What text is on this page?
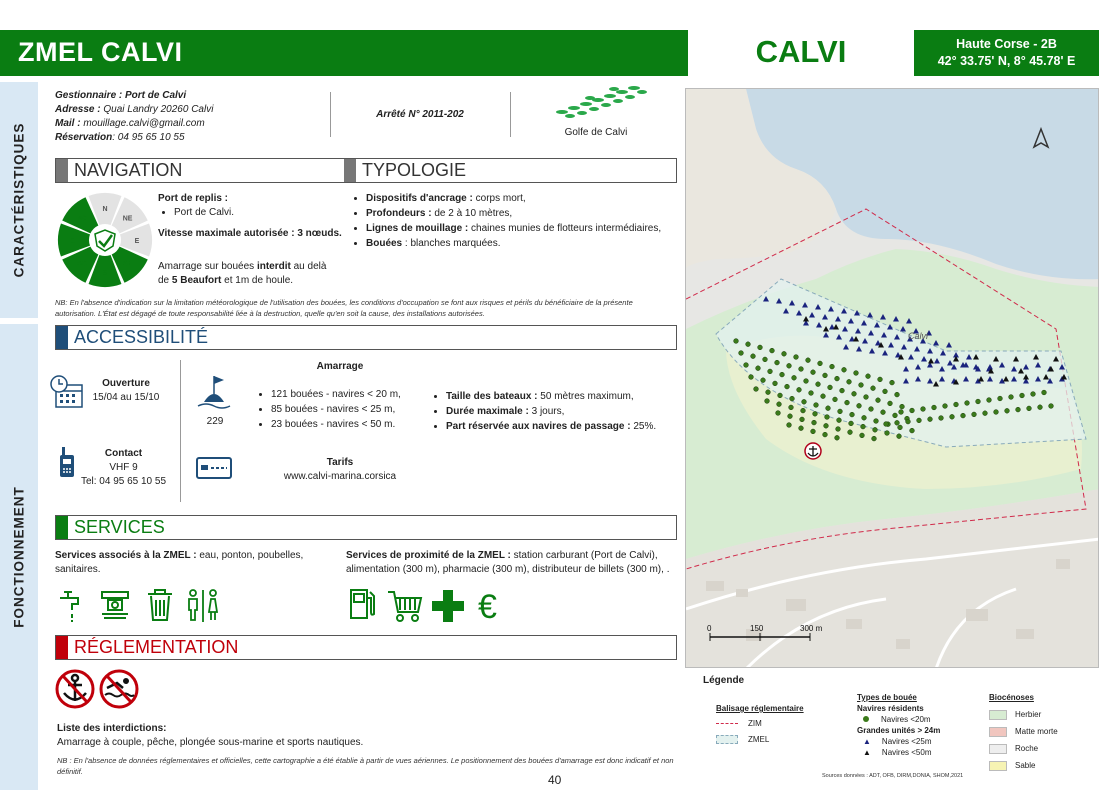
ZMEL CALVI	CALVI	Haute Corse - 2B
42° 33.75' N, 8° 45.78' E
CARACTÉRISTIQUES
FONCTIONNEMENT
Gestionnaire : Port de Calvi
Adresse : Quai Landry 20260 Calvi
Mail : mouillage.calvi@gmail.com
Réservation: 04 95 65 10 55
Arrêté N° 2011-202
Golfe de Calvi
NAVIGATION	TYPOLOGIE
N
NE
E
SE
S
SO
O
NO
Port de replis :
• Port de Calvi.
Vitesse maximale autorisée : 3 nœuds.
Amarrage sur bouées interdit au delà
de 5 Beaufort et 1m de houle.
• Dispositifs d'ancrage : corps mort,
• Profondeurs : de 2 à 10 mètres,
• Lignes de mouillage : chaines munies de flotteurs intermédiaires,
• Bouées : blanches marquées.
NB: En l'absence d'indication sur la limitation météorologique de l'utilisation des bouées, les conditions d'occupation se font aux risques et périls du bénéficiaire de la présente autorisation. L'État est dégagé de toute responsabilité liée à la destruction, quelle qu'en soit la cause, des installations autorisées.
ACCESSIBILITÉ
Ouverture
15/04 au 15/10
Amarrage
229
• 121 bouées - navires < 20 m,
• 85 bouées - navires < 25 m,
• 23 bouées - navires < 50 m.
• Taille des bateaux : 50 mètres maximum,
• Durée maximale : 3 jours,
• Part réservée aux navires de passage : 25%.
Contact
VHF 9
Tel: 04 95 65 10 55
Tarifs
www.calvi-marina.corsica
SERVICES
Services associés à la ZMEL : eau, ponton, poubelles, sanitaires.
Services de proximité de la ZMEL : station carburant (Port de Calvi), alimentation (300 m), pharmacie (300 m), distributeur de billets (300 m), .
€
RÉGLEMENTATION
Liste des interdictions:
Amarrage à couple, pêche, plongée sous-marine et sports nautiques.
NB : En l'absence de données réglementaires et officielles, cette cartographie a été établie à partir de vues aériennes. Le positionnement des bouées d'amarrage est donc indicatif et non définitif.
40
Calvi
0	150	300 m
Légende
Balisage réglementaire
ZIM
ZMEL
Types de bouée
Navires résidents
Navires <20m
Grandes unités > 24m
▲ Navires <25m
▲ Navires <50m
Biocénoses
Herbier
Matte morte
Roche
Sable
Sources données : ADT, OFB, DIRM,DONIA, SHOM,2021
